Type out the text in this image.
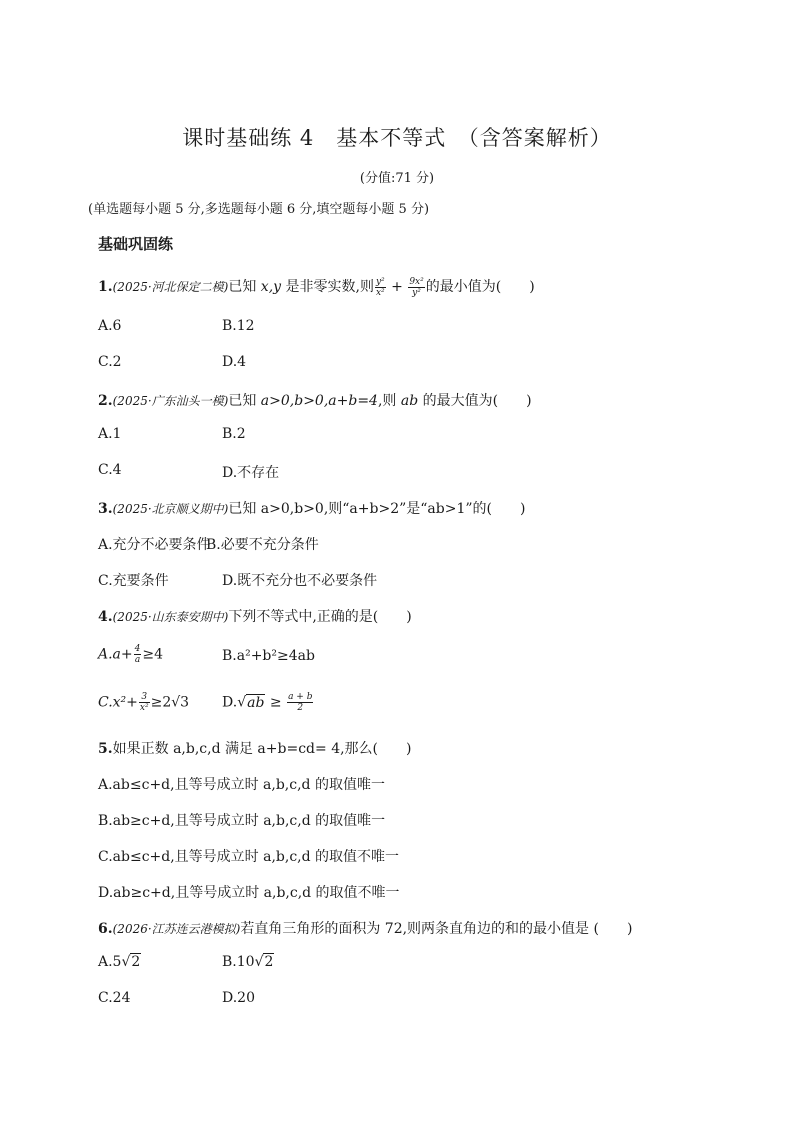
课时基础练 4　基本不等式　（含答案解析）
(分值:71 分)
(单选题每小题 5 分,多选题每小题 6 分,填空题每小题 5 分)
基础巩固练
1.(2025·河北保定二模)已知 x,y 是非零实数,则 $\frac{\text{y²}}{\text{x²}} + \frac{\text{9x²}}{\text{y²}}$ 的最小值为(　　)
A.6	B.12
C.2	D.4
2.(2025·广东汕头一模)已知 a>0,b>0,a+b=4,则 ab 的最大值为(　　)
A.1	B.2
C.4	D.不存在
3.(2025·北京顺义期中)已知 a>0,b>0,则“a+b>2”是“ab>1”的(　　)
A.充分不必要条件
B.必要不充分条件
C.充要条件	D.既不充分也不必要条件
4.(2025·山东泰安期中)下列不等式中,正确的是(　　)
$A.a+ \frac{4}{a} \ge 4$	B.a²+b²≥4ab
$C.x^2+ \frac{3}{\text{x²}} \ge 2√3$ $D.√ab \ge \frac{a + b}{2}$
5.如果正数 a,b,c,d 满足 a+b=cd= 4,那么(　　)
A.ab≤c+d,且等号成立时 a,b,c,d 的取值唯一
B.ab≥c+d,且等号成立时 a,b,c,d 的取值唯一
C.ab≤c+d,且等号成立时 a,b,c,d 的取值不唯一
D.ab≥c+d,且等号成立时 a,b,c,d 的取值不唯一
6.(2026·江苏连云港模拟)若直角三角形的面积为 72,则两条直角边的和的最小值是 (　　)
A.5√2	B.10√2
C.24	D.20
